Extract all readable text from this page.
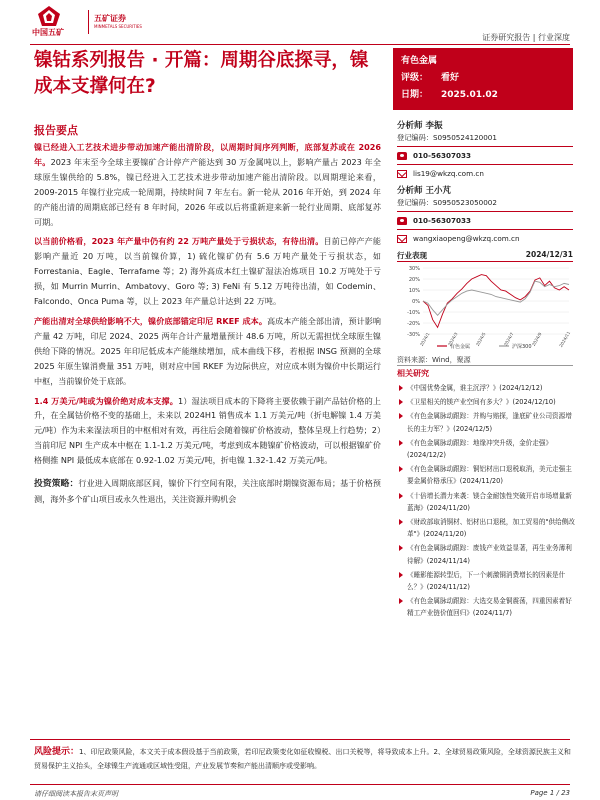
中国五矿
五矿证券
MINMETALS SECURITIES
证券研究报告 | 行业深度
镍钴系列报告 · 开篇：周期谷底探寻，镍成本支撑何在?
有色金属
评级： 看好
日期： 2025.01.02
报告要点

镍已经进入工艺技术进步带动加速产能出清阶段，以周期时间序列判断，底部复苏或在 2026 年。2023 年末至今全球主要镍矿合计停产产能达到 30 万金属吨以上，影响产量占 2023 年全球原生镍供给的 5.8%，镍已经进入工艺技术进步带动加速产能出清阶段。以周期理论来看，2009-2015 年镍行业完成一轮周期，持续时间 7 年左右。新一轮从 2016 年开始，到 2024 年的产能出清的周期底部已经有 8 年时间，2026 年或以后将重新迎来新一轮行业周期、底部复苏可期。

以当前价格看，2023 年产量中仍有约 22 万吨产量处于亏损状态，有待出清。目前已停产产能影响产量近 20 万吨，以当前镍价算，1) 硫化镍矿仍有 5.6 万吨产量处于亏损状态，如 Forrestania、Eagle、Terrafame 等；2) 海外高成本红土镍矿湿法冶炼项目 10.2 万吨处于亏损，如 Murrin Murrin、Ambatovy、Goro 等; 3) FeNi 有 5.12 万吨待出清，如 Codemin、Falcondo、Onca Puma 等，以上 2023 年产量总计达到 22 万吨。

产能出清对全球供给影响不大，镍价底部锚定印尼 RKEF 成本。高成本产能全部出清，预计影响产量 42 万吨，印尼 2024、2025 两年合计产量增量预计 48.6 万吨，所以无需担忧全球原生镍供给下降的情况。2025 年印尼低成本产能继续增加，成本曲线下移，若根据 INSG 预测的全球 2025 年原生镍消费量 351 万吨，则对应中国 RKEF 为边际供应，对应成本则为镍价中长期运行中枢，当前镍价处于底部。

1.4 万美元/吨或为镍价绝对成本支撑。1）湿法项目成本的下降将主要依赖于副产品钴价格的上升，在全属钴价格不变的基础上，未来以 2024H1 销售成本 1.1 万美元/吨（折电解镍 1.4 万美元/吨）作为未来湿法项目的中枢相对有效，再往后会随着镍矿价格波动，整体呈现上行趋势；2）当前印尼 NPI 生产成本中枢在 1.1-1.2 万美元/吨，考虑到成本随镍矿价格波动，可以根据镍矿价格侧推 NPI 最低成本底部在 0.92-1.02 万美元/吨，折电镍 1.32-1.42 万美元/吨。

投资策略：行业进入周期底部区间，镍价下行空间有限，关注底部时期镍资源布局；基于价格预测，海外多个矿山项目或永久性退出，关注资源并购机会

分析师 李振
登记编码：S0950524120001
010-56307033
lis19@wkzq.com.cn
分析师 王小芃
登记编码：S0950523050002
010-56307033
wangxiaopeng@wkzq.com.cn
行业表现	2024/12/31
30%
20%
10%
0%
-10%
-20%
-30%
2024/1	2024/3	2024/5	2024/7	2024/9	2024/11
有色金属	沪深300
资料来源：Wind，聚源
相关研究
《中国优势金属，谁主沉浮？》(2024/12/12)
《卫星相关的镁产业空间有多大？》(2024/12/10)
《有色金属脉动跟踪：并购与赔探，逢底矿业公司资源增长的主力军？》(2024/12/5)
《有色金属脉动跟踪：地缘冲突升级，金价走强》(2024/12/2)
《有色金属脉动跟踪：铜铝材出口退税取消，美元走强主要金属价格承压》(2024/11/20)
《十倍增长潜力来袭：镁合金耐蚀性突破开启市场增量新蓝海》(2024/11/20)
《财政部取消铜材、铝材出口退税，加工贸易的"供给侧改革"》(2024/11/20)
《有色金属脉动跟踪：废钱产业效益显著，再生业务薄利待解》(2024/11/14)
《睡影能源转型后，下一个刺激铜消费增长的因素是什么？》(2024/11/12)
《有色金属脉动跟踪：大选交易金铜震荡，四重因素着好精工产业链价值回归》(2024/11/7)
风险提示：1、印尼政策风险，本文关于成本假设基于当前政策，若印尼政策变化如征收镍税、出口关税等，将导致成本上升。2、全球贸易政策风险，全球资源民族主义和贸易保护主义抬头，全球镍生产流通或区域性受阻，产业发展节奏和产能出清顺序或受影响。
请仔细阅读本报告末页声明	Page 1 / 23
